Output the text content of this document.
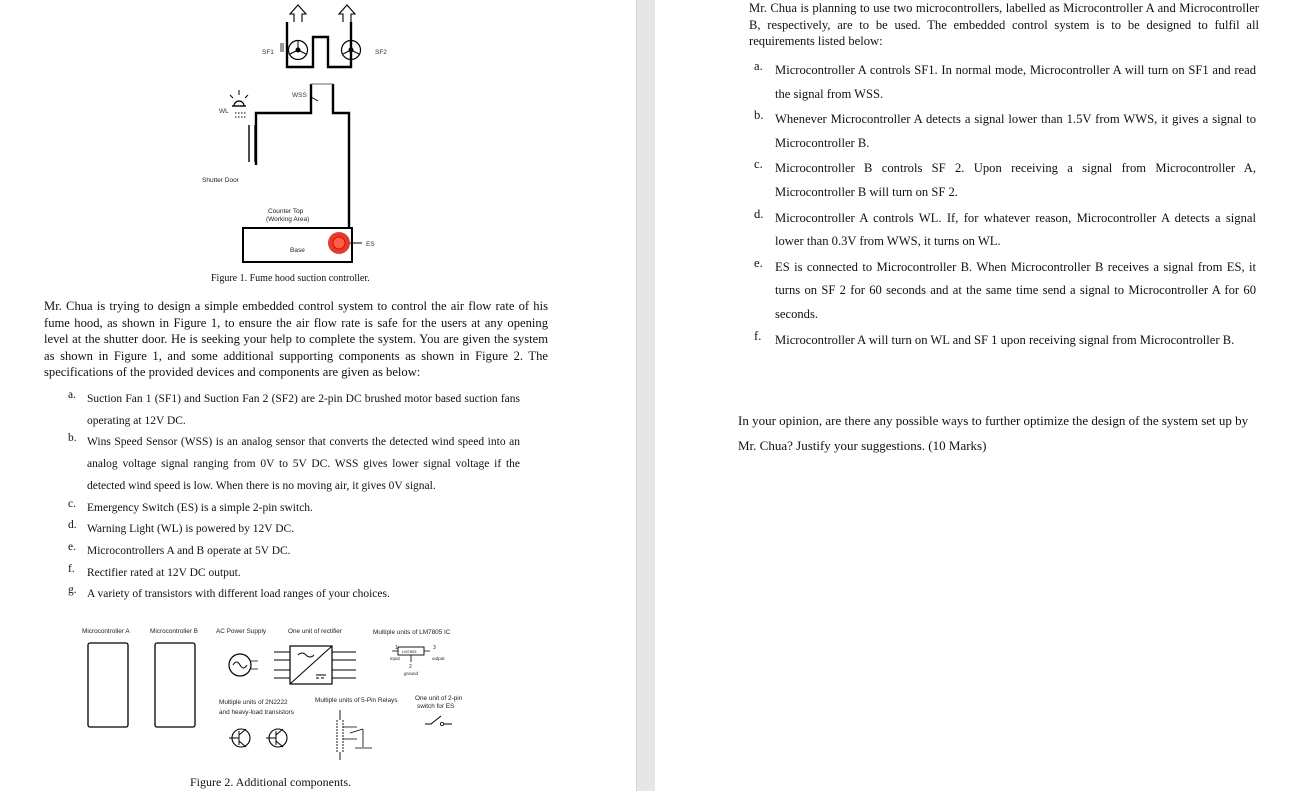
SF1	SF2
WSS
WL
Shutter Door
Counter Top
(Working Area)
Base
ES
Figure 1. Fume hood suction controller.
Mr. Chua is trying to design a simple embedded control system to control the air flow rate of his fume hood, as shown in Figure 1, to ensure the air flow rate is safe for the users at any opening level at the shutter door. He is seeking your help to complete the system. You are given the system as shown in Figure 1, and some additional supporting components as shown in Figure 2. The specifications of the provided devices and components are given as below:
a. Suction Fan 1 (SF1) and Suction Fan 2 (SF2) are 2-pin DC brushed motor based suction fans operating at 12V DC.
b. Wins Speed Sensor (WSS) is an analog sensor that converts the detected wind speed into an analog voltage signal ranging from 0V to 5V DC. WSS gives lower signal voltage if the detected wind speed is low. When there is no moving air, it gives 0V signal.
c. Emergency Switch (ES) is a simple 2-pin switch.
d. Warning Light (WL) is powered by 12V DC.
e. Microcontrollers A and B operate at 5V DC.
f. Rectifier rated at 12V DC output.
g. A variety of transistors with different load ranges of your choices.
Microcontroller A	Microcontroller B	AC Power Supply	One unit of rectifier	Multiple units of LM7805 IC
Multiple units of 2N2222
and heavy-load transistors
Multiple units of 5-Pin Relays	One unit of 2-pin
switch for ES
LM7805
1	3
2
input	output
ground
Figure 2. Additional components.
Mr. Chua is planning to use two microcontrollers, labelled as Microcontroller A and Microcontroller B, respectively, are to be used. The embedded control system is to be designed to fulfil all requirements listed below:
a. Microcontroller A controls SF1. In normal mode, Microcontroller A will turn on SF1 and read the signal from WSS.
b. Whenever Microcontroller A detects a signal lower than 1.5V from WWS, it gives a signal to Microcontroller B.
c. Microcontroller B controls SF 2. Upon receiving a signal from Microcontroller A, Microcontroller B will turn on SF 2.
d. Microcontroller A controls WL. If, for whatever reason, Microcontroller A detects a signal lower than 0.3V from WWS, it turns on WL.
e. ES is connected to Microcontroller B. When Microcontroller B receives a signal from ES, it turns on SF 2 for 60 seconds and at the same time send a signal to Microcontroller A for 60 seconds.
f. Microcontroller A will turn on WL and SF 1 upon receiving signal from Microcontroller B.
In your opinion, are there any possible ways to further optimize the design of the system set up by Mr. Chua? Justify your suggestions. (10 Marks)
